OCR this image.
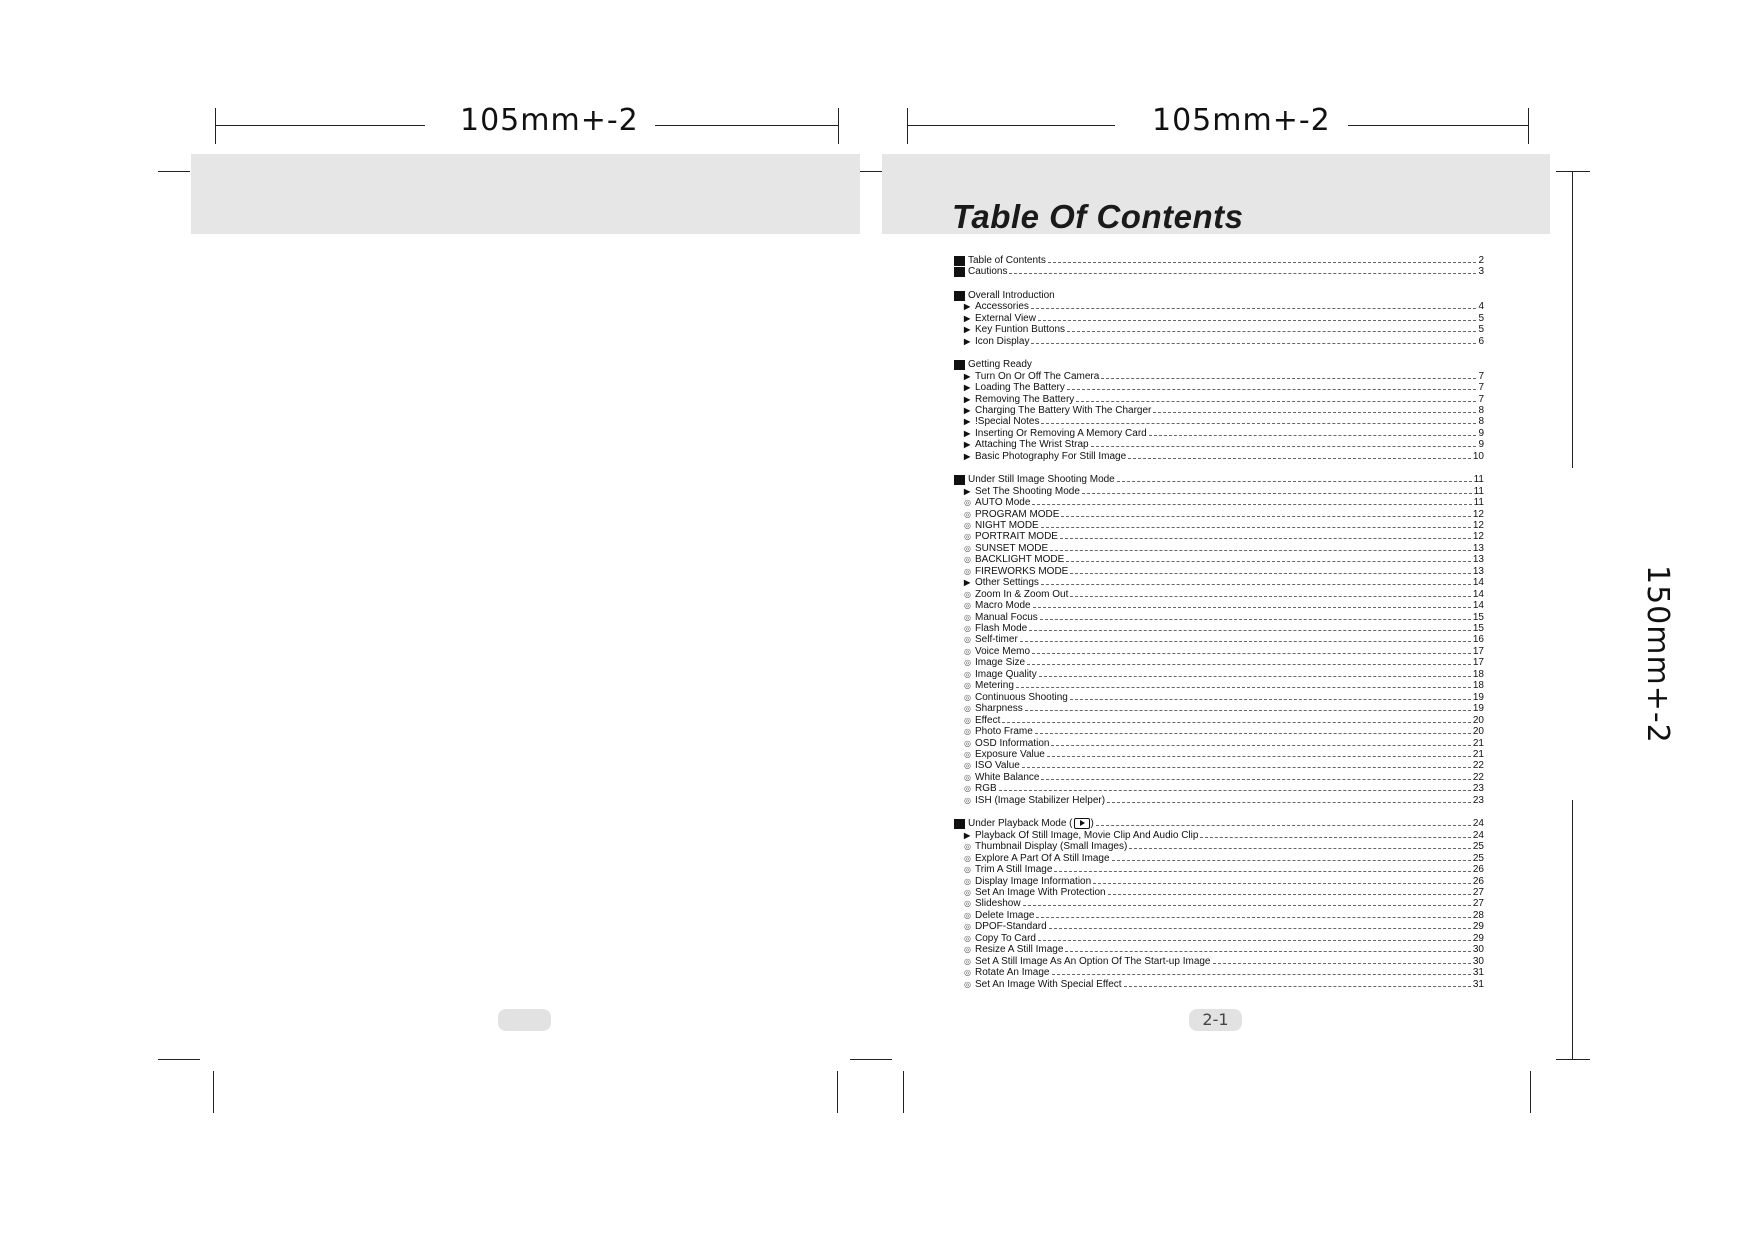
105mm+-2	105mm+-2
150mm+-2
Table Of Contents
Table of Contents	2
Cautions	3
Overall Introduction
▶ Accessories	4
▶ External View	5
▶ Key Funtion Buttons	5
▶ Icon Display	6
Getting Ready
▶ Turn On Or Off The Camera	7
▶ Loading The Battery	7
▶ Removing The Battery	7
▶ Charging The Battery With The Charger	8
▶ !Special Notes	8
▶ Inserting Or Removing A Memory Card	9
▶ Attaching The Wrist Strap	9
▶ Basic Photography For Still Image	10
Under Still Image Shooting Mode	11
▶ Set The Shooting Mode	11
◎ AUTO Mode	11
◎ PROGRAM MODE	12
◎ NIGHT MODE	12
◎ PORTRAIT MODE	12
◎ SUNSET MODE	13
◎ BACKLIGHT MODE	13
◎ FIREWORKS MODE	13
▶ Other Settings	14
◎ Zoom In & Zoom Out	14
◎ Macro Mode	14
◎ Manual Focus	15
◎ Flash Mode	15
◎ Self-timer	16
◎ Voice Memo	17
◎ Image Size	17
◎ Image Quality	18
◎ Metering	18
◎ Continuous Shooting	19
◎ Sharpness	19
◎ Effect	20
◎ Photo Frame	20
◎ OSD Information	21
◎ Exposure Value	21
◎ ISO Value	22
◎ White Balance	22
◎ RGB	23
◎ ISH (Image Stabilizer Helper)	23
Under Playback Mode ( )	24
▶ Playback Of Still Image, Movie Clip And Audio Clip	24
◎ Thumbnail Display (Small Images)	25
◎ Explore A Part Of A Still Image	25
◎ Trim A Still Image	26
◎ Display Image Information	26
◎ Set An Image With Protection	27
◎ Slideshow	27
◎ Delete Image	28
◎ DPOF-Standard	29
◎ Copy To Card	29
◎ Resize A Still Image	30
◎ Set A Still Image As An Option Of The Start-up Image	30
◎ Rotate An Image	31
◎ Set An Image With Special Effect	31
2-1
